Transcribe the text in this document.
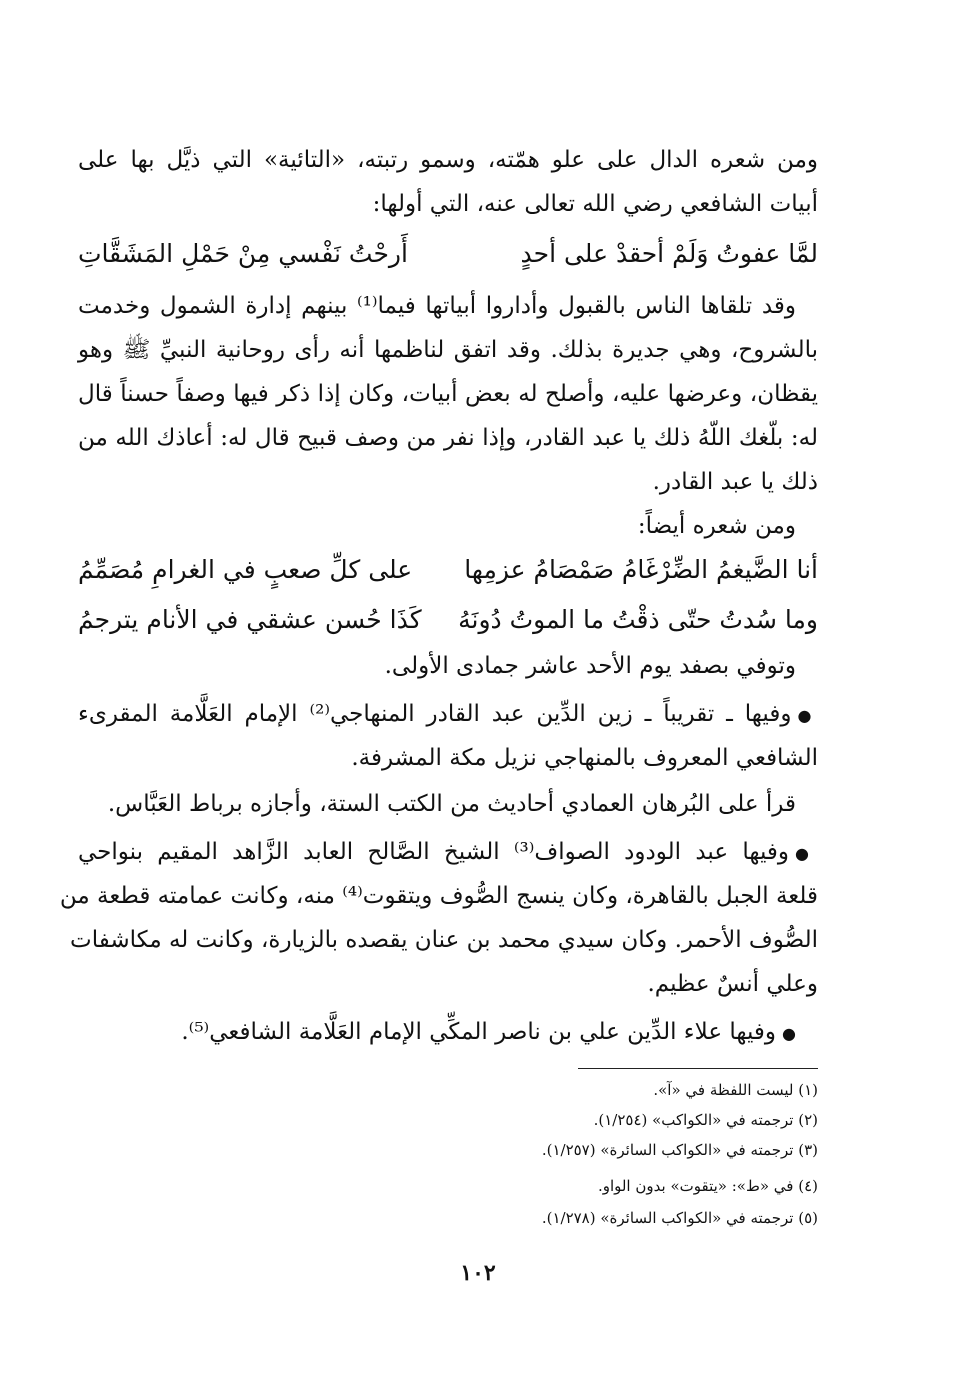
ومن شعره الدال على علو همّته، وسمو رتبته، «التائية» التي ذيَّل بها على
أبيات الشافعي رضي الله تعالى عنه، التي أولها:
لمَّا عفوتُ وَلَمْ أحقدْ على أحدٍ
أَرحْتُ نَفْسي مِنْ حَمْلِ المَشَقَّاتِ
وقد تلقاها الناس بالقبول وأداروا أبياتها فيما⁽¹⁾ بينهم إدارة الشمول وخدمت
بالشروح، وهي جديرة بذلك. وقد اتفق لناظمها أنه رأى روحانية النبيِّ ﷺ وهو
يقظان، وعرضها عليه، وأصلح له بعض أبيات، وكان إذا ذكر فيها وصفاً حسناً قال
له: بلّغك اللّهُ ذلك يا عبد القادر، وإذا نفر من وصف قبيح قال له: أعاذك الله من
ذلك يا عبد القادر.
ومن شعره أيضاً:
أنا الضَّيغمُ الضِّرْغَامُ صَمْصَامُ عزمِها
على كلِّ صعبٍ في الغرامِ مُصَمِّمُ
وما سُدتُ حتّى ذقْتُ ما الموتُ دُونَهُ
كَذَا حُسن عشقي في الأنام يترجمُ
وتوفي بصفد يوم الأحد عاشر جمادى الأولى.
●وفيها ـ تقريباً ـ زين الدِّين عبد القادر المنهاجي⁽²⁾ الإمام العَلَّامة المقرىء
الشافعي المعروف بالمنهاجي نزيل مكة المشرفة.
قرأ على البُرهان العمادي أحاديث من الكتب الستة، وأجازه برباط العَبَّاس.
●وفيها عبد الودود الصواف⁽³⁾ الشيخ الصَّالح العابد الزَّاهد المقيم بنواحي
قلعة الجبل بالقاهرة، وكان ينسج الصُّوف ويتقوت⁽⁴⁾ منه، وكانت عمامته قطعة من
الصُّوف الأحمر. وكان سيدي محمد بن عنان يقصده بالزيارة، وكانت له مكاشفات
وعلي أنسٌ عظيم.
●وفيها علاء الدِّين علي بن ناصر المكِّي الإمام العَلَّامة الشافعي⁽⁵⁾.
(١) ليست اللفظة في «آ».
(٢) ترجمته في «الكواكب» (١/٢٥٤).
(٣) ترجمته في «الكواكب السائرة» (١/٢٥٧).
(٤) في «ط»: «يتقوت» بدون الواو.
(٥) ترجمته في «الكواكب السائرة» (١/٢٧٨).
١٠٢
